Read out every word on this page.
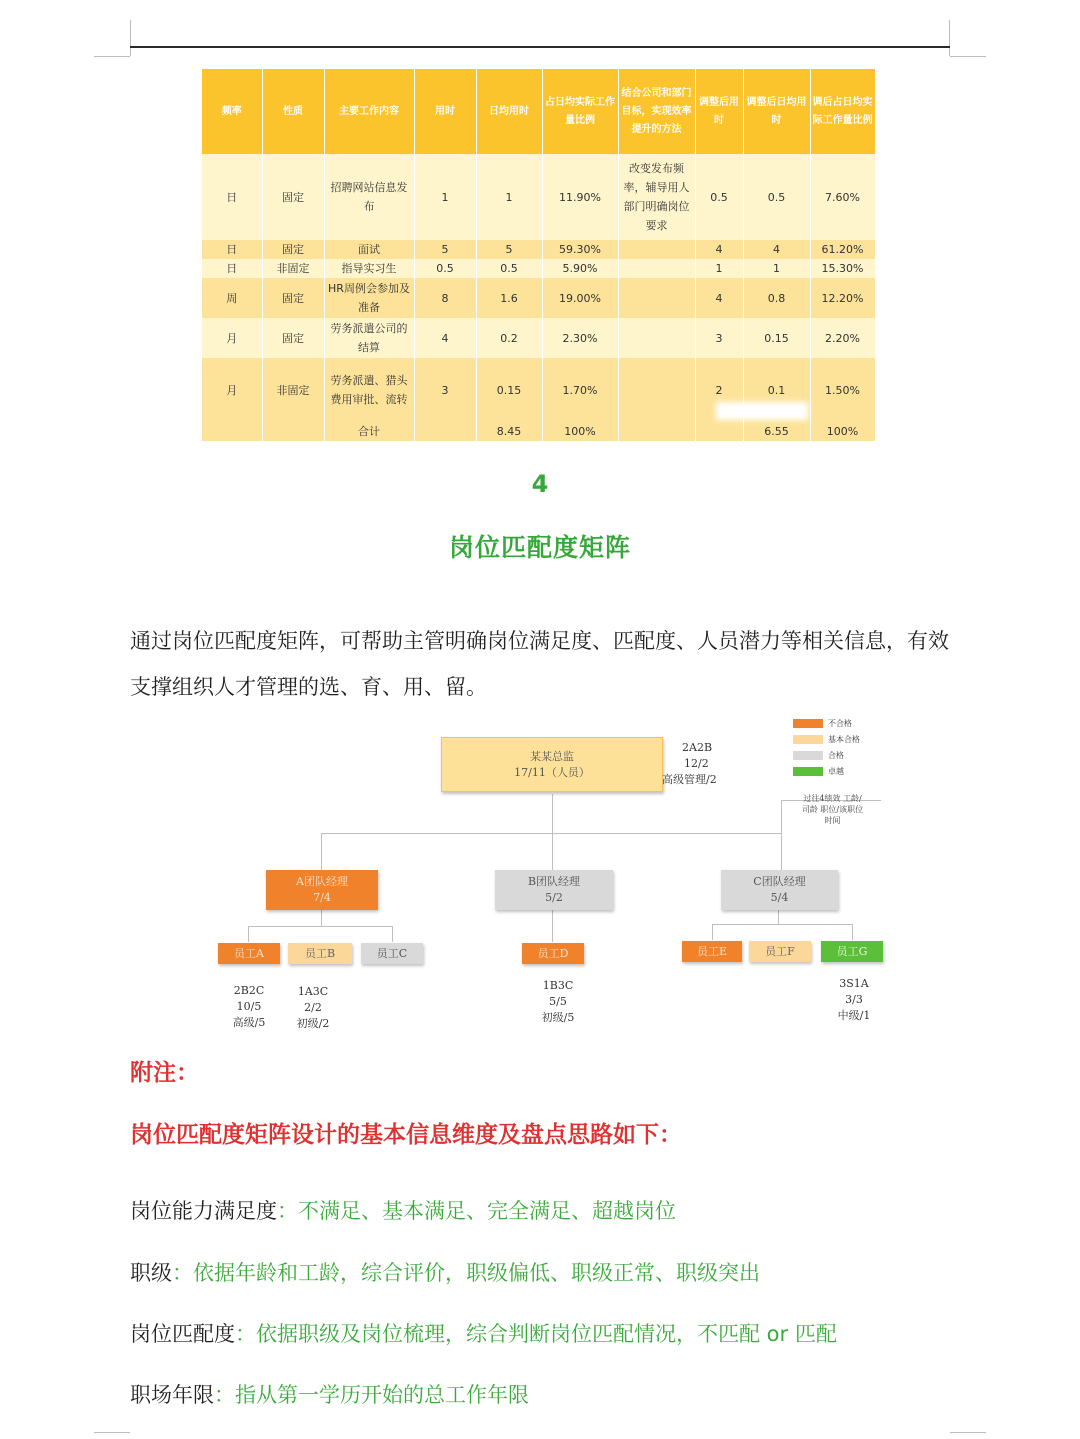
频率	性质	主要工作内容	用时	日均用时	占日均实际工作量比例	结合公司和部门目标，实现效率提升的方法	调整后用时	调整后日均用时	调后占日均实际工作量比例
日	固定	招聘网站信息发布	1	1	11.90%	改变发布频率，辅导用人部门明确岗位要求	0.5	0.5	7.60%
日	固定	面试	5	5	59.30%		4	4	61.20%
日	非固定	指导实习生	0.5	0.5	5.90%		1	1	15.30%
周	固定	HR周例会参加及准备	8	1.6	19.00%		4	0.8	12.20%
月	固定	劳务派遣公司的结算	4	0.2	2.30%		3	0.15	2.20%
月	非固定	劳务派遣、猎头费用审批、流转	3	0.15	1.70%		2	0.1	1.50%
		合计		8.45	100%			6.55	100%
4
岗位匹配度矩阵

通过岗位匹配度矩阵，可帮助主管明确岗位满足度、匹配度、人员潜力等相关信息，有效支撑组织人才管理的选、育、用、留。

某某总监
17/11（人员）
2A2B
12/2
高级管理/2
A团队经理
7/4
B团队经理
5/2
C团队经理
5/4
员工A	员工B	员工C	员工D	员工E	员工F	员工G
2B2C
10/5
高级/5
1A3C
2/2
初级/2
1B3C
5/5
初级/5
3S1A
3/3
中级/1
不合格
基本合格
合格
卓越
过往4绩效 工龄/司龄 职位/该职位时间
附注：
岗位匹配度矩阵设计的基本信息维度及盘点思路如下：
岗位能力满足度：不满足、基本满足、完全满足、超越岗位
职级：依据年龄和工龄，综合评价，职级偏低、职级正常、职级突出
岗位匹配度：依据职级及岗位梳理，综合判断岗位匹配情况，不匹配 or 匹配
职场年限：指从第一学历开始的总工作年限
